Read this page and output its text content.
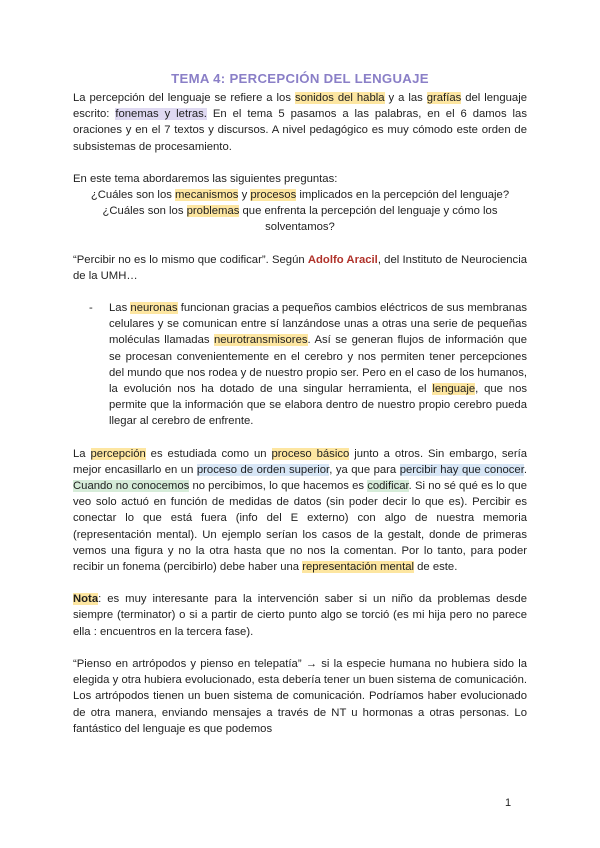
TEMA 4: PERCEPCIÓN DEL LENGUAJE

La percepción del lenguaje se refiere a los sonidos del habla y a las grafías del lenguaje escrito: fonemas y letras. En el tema 5 pasamos a las palabras, en el 6 damos las oraciones y en el 7 textos y discursos. A nivel pedagógico es muy cómodo este orden de subsistemas de procesamiento.

En este tema abordaremos las siguientes preguntas:

¿Cuáles son los mecanismos y procesos implicados en la percepción del lenguaje?

¿Cuáles son los problemas que enfrenta la percepción del lenguaje y cómo los solventamos?

“Percibir no es lo mismo que codificar”. Según Adolfo Aracil, del Instituto de Neurociencia de la UMH…

-	Las neuronas funcionan gracias a pequeños cambios eléctricos de sus membranas celulares y se comunican entre sí lanzándose unas a otras una serie de pequeñas moléculas llamadas neurotransmisores. Así se generan flujos de información que se procesan convenientemente en el cerebro y nos permiten tener percepciones del mundo que nos rodea y de nuestro propio ser. Pero en el caso de los humanos, la evolución nos ha dotado de una singular herramienta, el lenguaje, que nos permite que la información que se elabora dentro de nuestro propio cerebro pueda llegar al cerebro de enfrente.

La percepción es estudiada como un proceso básico junto a otros. Sin embargo, sería mejor encasillarlo en un proceso de orden superior, ya que para percibir hay que conocer. Cuando no conocemos no percibimos, lo que hacemos es codificar. Si no sé qué es lo que veo solo actuó en función de medidas de datos (sin poder decir lo que es). Percibir es conectar lo que está fuera (info del E externo) con algo de nuestra memoria (representación mental). Un ejemplo serían los casos de la gestalt, donde de primeras vemos una figura y no la otra hasta que no nos la comentan. Por lo tanto, para poder recibir un fonema (percibirlo) debe haber una representación mental de este.

Nota: es muy interesante para la intervención saber si un niño da problemas desde siempre (terminator) o si a partir de cierto punto algo se torció (es mi hija pero no parece ella : encuentros en la tercera fase).

“Pienso en artrópodos y pienso en telepatía” → si la especie humana no hubiera sido la elegida y otra hubiera evolucionado, esta debería tener un buen sistema de comunicación. Los artrópodos tienen un buen sistema de comunicación. Podríamos haber evolucionado de otra manera, enviando mensajes a través de NT u hormonas a otras personas. Lo fantástico del lenguaje es que podemos

1
